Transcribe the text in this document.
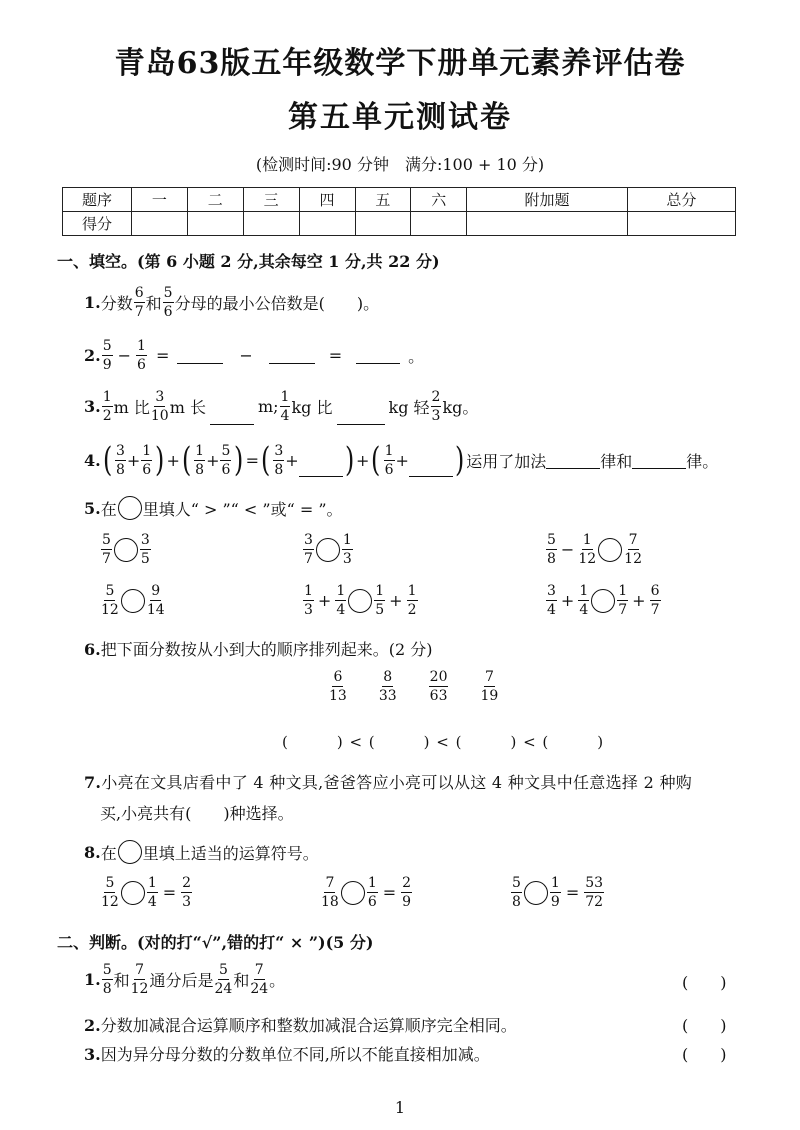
青岛63版五年级数学下册单元素养评估卷
第五单元测试卷
(检测时间:90 分钟　满分:100 + 10 分)
题序	一	二	三	四	五	六	附加题	总分
得分								
一、填空。(第 6 小题 2 分,其余每空 1 分,共 22 分)
1. 分数 $\frac{6}{7}$ 和 $\frac{5}{6}$ 分母的最小公倍数是(　　)。
2. $\frac{5}{9} - \frac{1}{6}$ =	−	=	。
3. $\frac{1}{2}$ m 比 $\frac{3}{10}$ m 长	m; $\frac{1}{4}$ kg 比	kg 轻 $\frac{2}{3}$ kg。
4. ( $\frac{3}{8} + \frac{1}{6}$ ) + ( $\frac{1}{8} + \frac{5}{6}$ ) = ( $\frac{3}{8}$ + ) + ( $\frac{1}{6}$ + ) 运用了加法	律和	律。
5. 在 里填人“ > ”“ < ”或“ = ”。
$\frac{5}{7} \frac{3}{5}$	$\frac{3}{7} \frac{1}{3}$	$\frac{5}{8} - \frac{1}{12} \frac{7}{12}$
$\frac{5}{12} \frac{9}{14}$	$\frac{1}{3} + \frac{1}{4} \frac{1}{5} + \frac{1}{2}$	$\frac{3}{4} + \frac{1}{4} \frac{1}{7} + \frac{6}{7}$
6.把下面分数按从小到大的顺序排列起来。(2 分)
$\frac{6}{13} \frac{8}{33} \frac{20}{63} \frac{7}{19}$
(　　　) < (　　　) < (　　　) < (　　　)
7.小亮在文具店看中了 4 种文具,爸爸答应小亮可以从这 4 种文具中任意选择 2 种购
买,小亮共有(　　)种选择。
8. 在 里填上适当的运算符号。
$\frac{5}{12} \frac{1}{4} = \frac{2}{3}$	$\frac{7}{18} \frac{1}{6} = \frac{2}{9}$	$\frac{5}{8} \frac{1}{9} = \frac{53}{72}$
二、判断。(对的打“√”,错的打“ × ”)(5 分)
1. $\frac{5}{8}$ 和 $\frac{7}{12}$ 通分后是 $\frac{5}{24}$ 和 $\frac{7}{24}$ 。	(　　)
2.分数加减混合运算顺序和整数加减混合运算顺序完全相同。	(　　)
3.因为异分母分数的分数单位不同,所以不能直接相加减。	(　　)
1
